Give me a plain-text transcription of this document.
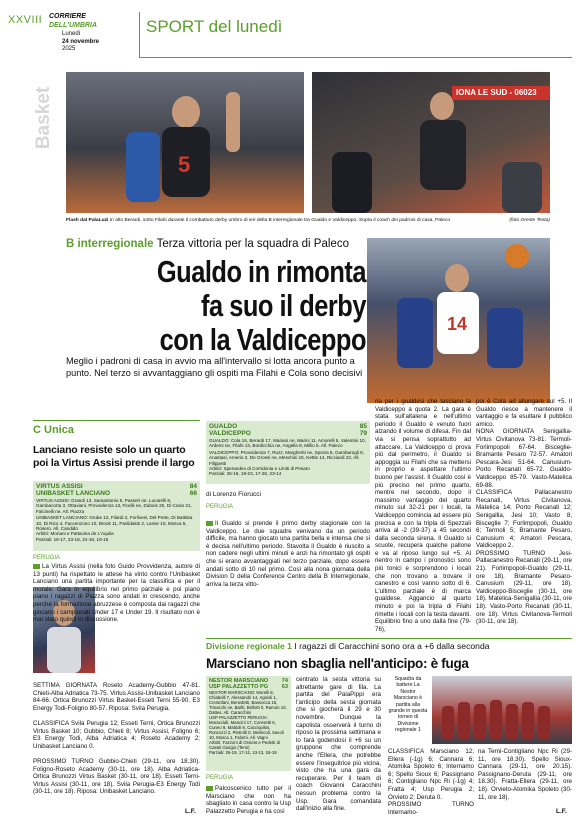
XXVIII CORRIERE
DELL'UMBRIA
Lunedì
24 novembre
2025
SPORT del lunedì
Basket
5
IONA LE SUD - 06023
Flash dal PalaLuzi In alto Berardi, sotto Filahi durante il combattuto derby umbro di ieri della B interregionale tra Gualdo e Valdiceppo. Sopra il coach dei padroni di casa, Paleco	(foto Oreste Testa)
B interregionale Terza vittoria per la squadra di Paleco
Gualdo in rimonta
fa suo il derby
con la Valdiceppo	14
Meglio i padroni di casa in avvio ma all'intervallo si lotta ancora punto a punto. Nel terzo si avvantaggiano gli ospiti ma Filahi e Cola sono decisivi
C Unica
Lanciano resiste solo un quarto poi la Virtus Assisi prende il largo
VIRTUS ASSISI	84
UNIBASKET LANCIANO	66
VIRTUS ASSISI: Grandi 13, Santantonio 5, Passeri ne, Lucarelli 8, Gambacorta 3, Ottaviani, Provvidenza 13, Fiorilli ne, Dubois 20, Di Cosio 21, Falcinelli ne. All. Piazza
UNIBASKET LANCIANO: Grube 12, Filardi 2, Forlivesi, Del Prete, Di Battista 10, Di Rico 4, Faccenzono 10, Brook 11, Pavlidakis 2, Lamie 10, Mosca 5, Rosero. All. Candido
Arbitri: Moriani e Pattavina de L'Aquila
Parziali: 18-17, 23-18, 24-16, 19-15
PERUGIA
La Virtus Assisi (nella foto Guido Provvidenza, autore di 13 punti) ha rispettato le attese ha vinto contro l'Unibasket Lanciano una partita importante per la classifica e per il morale. Gara in equilibrio nel primo parziale e poi piano piano i ragazzi di Piazza sono andati in crescendo, anche perché la formazione abruzzese è composta dai ragazzi che giocano i campionati Under 17 e Under 19. Il risultato non è mai stato quindi in discussione.
SETTIMA GIORNATA Roseto Academy-Gubbio 47-81. Chieti-Alba Adriatica 73-75. Virtus Assisi-Unibasket Lanciano 84-66. Ortica Brunozzi Virtus Basket-Esseti Terni 55-90. E3 Energy Todi-Foligno 80-57. Riposa: Svila Perugia.
CLASSIFICA Svila Perugia 12; Esseti Terni, Ortica Brunozzi Virtus Basket 10; Gubbio, Chieti 8; Virtus Assisi, Foligno 6; E3 Energy Todi, Alba Adriatica 4; Roseto Academy 2; Unibasket Lanciano 0.
PROSSIMO TURNO Gubbio-Chieti (29-11, ore 18.30). Foligno-Roseto Academy (30-11, ore 18). Alba Adriatica-Ortica Brunozzi Virtus Basket (30-11, ore 18). Esseti Terni-Virtus Assisi (30-11, ore 18). Svila Perugia-E3 Energy Todi (30-11, ore 18). Riposa: Unibasket Lanciano.
L.F.
GUALDO	85
VALDICEPPO	79
GUALDO: Cola 16, Berardi 17, Mariani ne, Marini 11, Amorelli 5, Valentini 10, Ardemi ne, Filahi 13, Bordicchia ne, Angella 8, Millio 5. All. Paleco
VALDICEPPO: Provvidenza 7, Ruzz, Margheriti ne, Spezia 5, Gambarogli 8, Anastasi, Amerio 2, De Grossi ne, Meschini 15, Kettle 14, Ricciardi 22, All. Filippetti
Arbitri: Sperandeo di Corridonia e Limiti di Pesaro
Parziali: 26-16, 19-23, 17-26, 23-14
di Lorenzo Fiorucci
PERUGIA
Il Gualdo si prende il primo derby stagionale con la Valdiceppo. Le due squadre venivano da un periodo difficile, ma hanno giocato una partita bella e intensa che si è decisa nell'ultimo periodo. Stavolta il Gualdo è riuscito a non cadere negli ultimi minuti e anzi ha rimontato gli ospiti che si erano avvantaggiati nel terzo parziale, dopo essere andati sotto di 10 nel primo. Così alla nona giornata della Division D della Conference Centro della B Interregionale, arriva la terza vitto-
ria per i gualdesi che lasciano la Valdiceppo a quota 2. La gara è stata sull'altalena e nell'ultimo periodo il Gualdo è venuto fuori alzando il volume di difesa. Fin dal via si pensa soprattutto ad attaccare. La Valdiceppo ci prova più dal perimetro, il Gualdo si appoggia su Filahi che sa mettersi in proprio e aspettare l'ultimo buono per l'assist. Il Gualdo così è più preciso nel primo quarto, mentre nel secondo, dopo il massimo vantaggio del quarto minuto sul 32-21 per i locali, la Valdiceppo comincia ad essere più precisa e con la tripla di Spezzali arriva al -2 (39-37) a 45 secondi dalla seconda sirena. Il Gualdo si scuote, recupera qualche pallone e va al riposo lungo sul +5. Al rientro in campo i pronostici sono più tonici e sorprendono i locali che non trovano a trovare il canestro e così vanno sotto di 6. L'ultimo parziale è di marca gualdese. Aggancio al quarto minuto e poi la tripla di Filahi rimette i locali con la testa davanti. Equilibrio fino a uno dalla fine (79-76),
poi è Cola ad allungare sul +5. Il Gualdo riesce a mantenere il vantaggio e fa esultare il pubblico amico.
NONA GIORNATA Senigallia-Virtus Civitanova 73-81. Termoli-Forlimpopoli 67-64. Bisceglie-Bramante Pesaro 72-57. Amatori Pescara-Jesi 51-64. Canusium-Porto Recanati 65-72. Gualdo-Valdiceppo 85-79. Vasto-Matelica 69-88.
CLASSIFICA Pallacanestro Recanati, Virtus Civitanova, Matelica 14; Porto Recanati 12; Senigallia, Jesi 10; Vasto 8; Bisceglie 7; Forlimpopoli, Gualdo 6; Termoli 5; Bramante Pesaro, Canusium 4; Amatori Pescara, Valdiceppo 2.
PROSSIMO TURNO Jesi-Pallacanestro Recanati (29-11, ore 21). Forlimpopoli-Gualdo (29-11, ore 18). Bramante Pesaro-Canusium (29-11, ore 18). Valdiceppo-Bisceglie (30-11, ore 18). Matelica-Senigallia (30-11, ore 18). Vasto-Porto Recanati (30-11, ore 18). Virtus Civitanova-Termoli (30-11, ore 18).
Divisione regionale 1 I ragazzi di Caracchini sono ora a +6 dalla seconda
Marsciano non sbaglia nell'anticipo: è fuga
NESTOR MARSCIANO 74
USP PALAZZETTO PG 63
NESTOR MARSCIANO: Morelli 8, Chiabelli 7, Alessandri 14, Agnioli 1, Crestofani, Benedetti, Bassocca 15, Trinacchi ne, Barlti, Bellotti 0, Ramon 10, Dattes. All. Caracchini
USP PALAZZETTO PERUGIA: Moracciali, Mancini 17, Coresetti 6, Cuneo 9, Mattioli 8, Cacciopilos, Roncozzi 2, Pietrolti 0, Melincoli, Savoli 10, Mosca 1, Falomi. All. Vagni
Arbitri: Fazzoni di Orvieto e Pedetti di Castel Giorgio (Terni)
Parziali: 26-19, 17-12, 13-13, 18-19
PERUGIA
Palcoscenico tutto per il Marsciano che non ha sbagliato in casa contro la Usp Palazzetto Perugia e ha così
centrato la sesta vittoria su altrettante gare di fila. La partita del PalaPippi era l'anticipo della sesta giornata che si giocherà il 29 e 30 novembre. Dunque la capolista osserverà il turno di riposo la prossima settimana e lo farà godendosi il +6 su un gruppone che comprende anche l'Ellera, che potrebbe essere l'inseguitrice più vicina, visto che ha una gara da recuperare. Per il team di coach Giovanni Caracchini nessun problema contro la Usp. Gara comandata dall'inizio alla fine.
Squadra da battere La Nestor Marsciano è partita alla grande in questa torneo di Divisione regionale 1
CLASSIFICA Marsciano 12; Ellera (-1g) 6; Cannara 6; Atomika Spoleto 6; Internamo 6; Spello Sioux 6; Passignano 6; Contigliano Npc Ri (-1g) 4; Fratta 4; Usp Perugia 2; Orvieto 2; Deruta 0.
PROSSIMO TURNO Internamo-
na Terni-Contigliano Npc Ri (29-11, ore 18.30). Spello Sioux-Cannara (29-11, ore 20.15). Passignano-Deruta (29-11, ore 18.30). Fratta-Ellera (29-11, ore 18). Orvieto-Atomika Spoleto (30-11, ore 18).
L.F.
